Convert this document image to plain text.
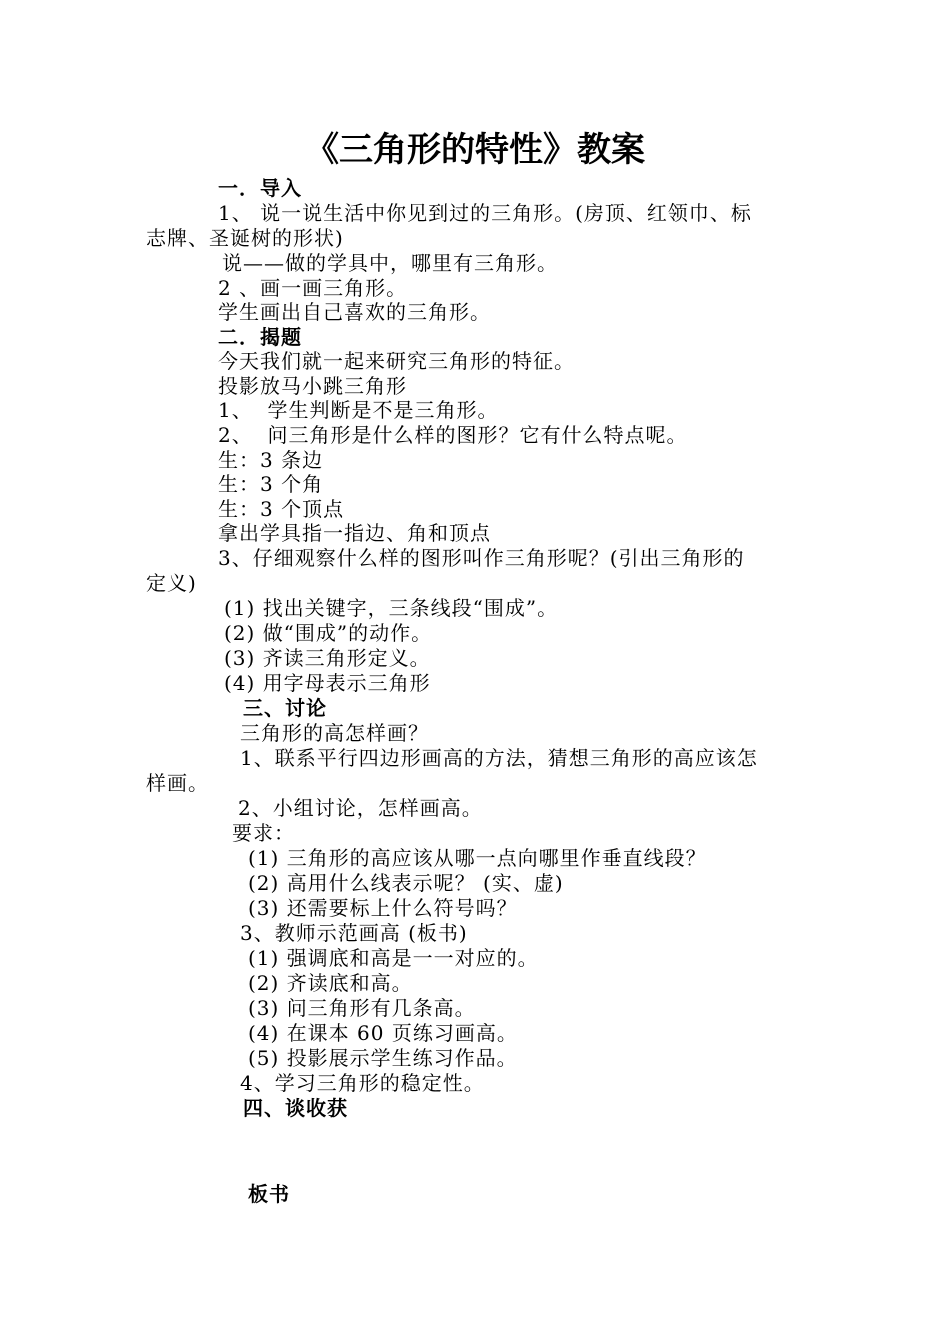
《三角形的特性》教案
一．导入
1、 说一说生活中你见到过的三角形。(房顶、红领巾、标
志牌、圣诞树的形状)
说——做的学具中，哪里有三角形。
2 、画一画三角形。
学生画出自己喜欢的三角形。
二．揭题
今天我们就一起来研究三角形的特征。
投影放马小跳三角形
1、  学生判断是不是三角形。
2、  问三角形是什么样的图形？它有什么特点呢。
生：3 条边
生：3 个角
生：3 个顶点
拿出学具指一指边、角和顶点
3、仔细观察什么样的图形叫作三角形呢？(引出三角形的
定义)
(1) 找出关键字，三条线段“围成”。
(2) 做“围成”的动作。
(3) 齐读三角形定义。
(4) 用字母表示三角形
三、讨论
三角形的高怎样画？
1、联系平行四边形画高的方法，猜想三角形的高应该怎
样画。
2、小组讨论，怎样画高。
要求：
(1) 三角形的高应该从哪一点向哪里作垂直线段？
(2) 高用什么线表示呢？ (实、虚)
(3) 还需要标上什么符号吗？
3、教师示范画高 (板书)
(1) 强调底和高是一一对应的。
(2) 齐读底和高。
(3) 问三角形有几条高。
(4) 在课本 60 页练习画高。
(5) 投影展示学生练习作品。
4、学习三角形的稳定性。
四、谈收获
板书
